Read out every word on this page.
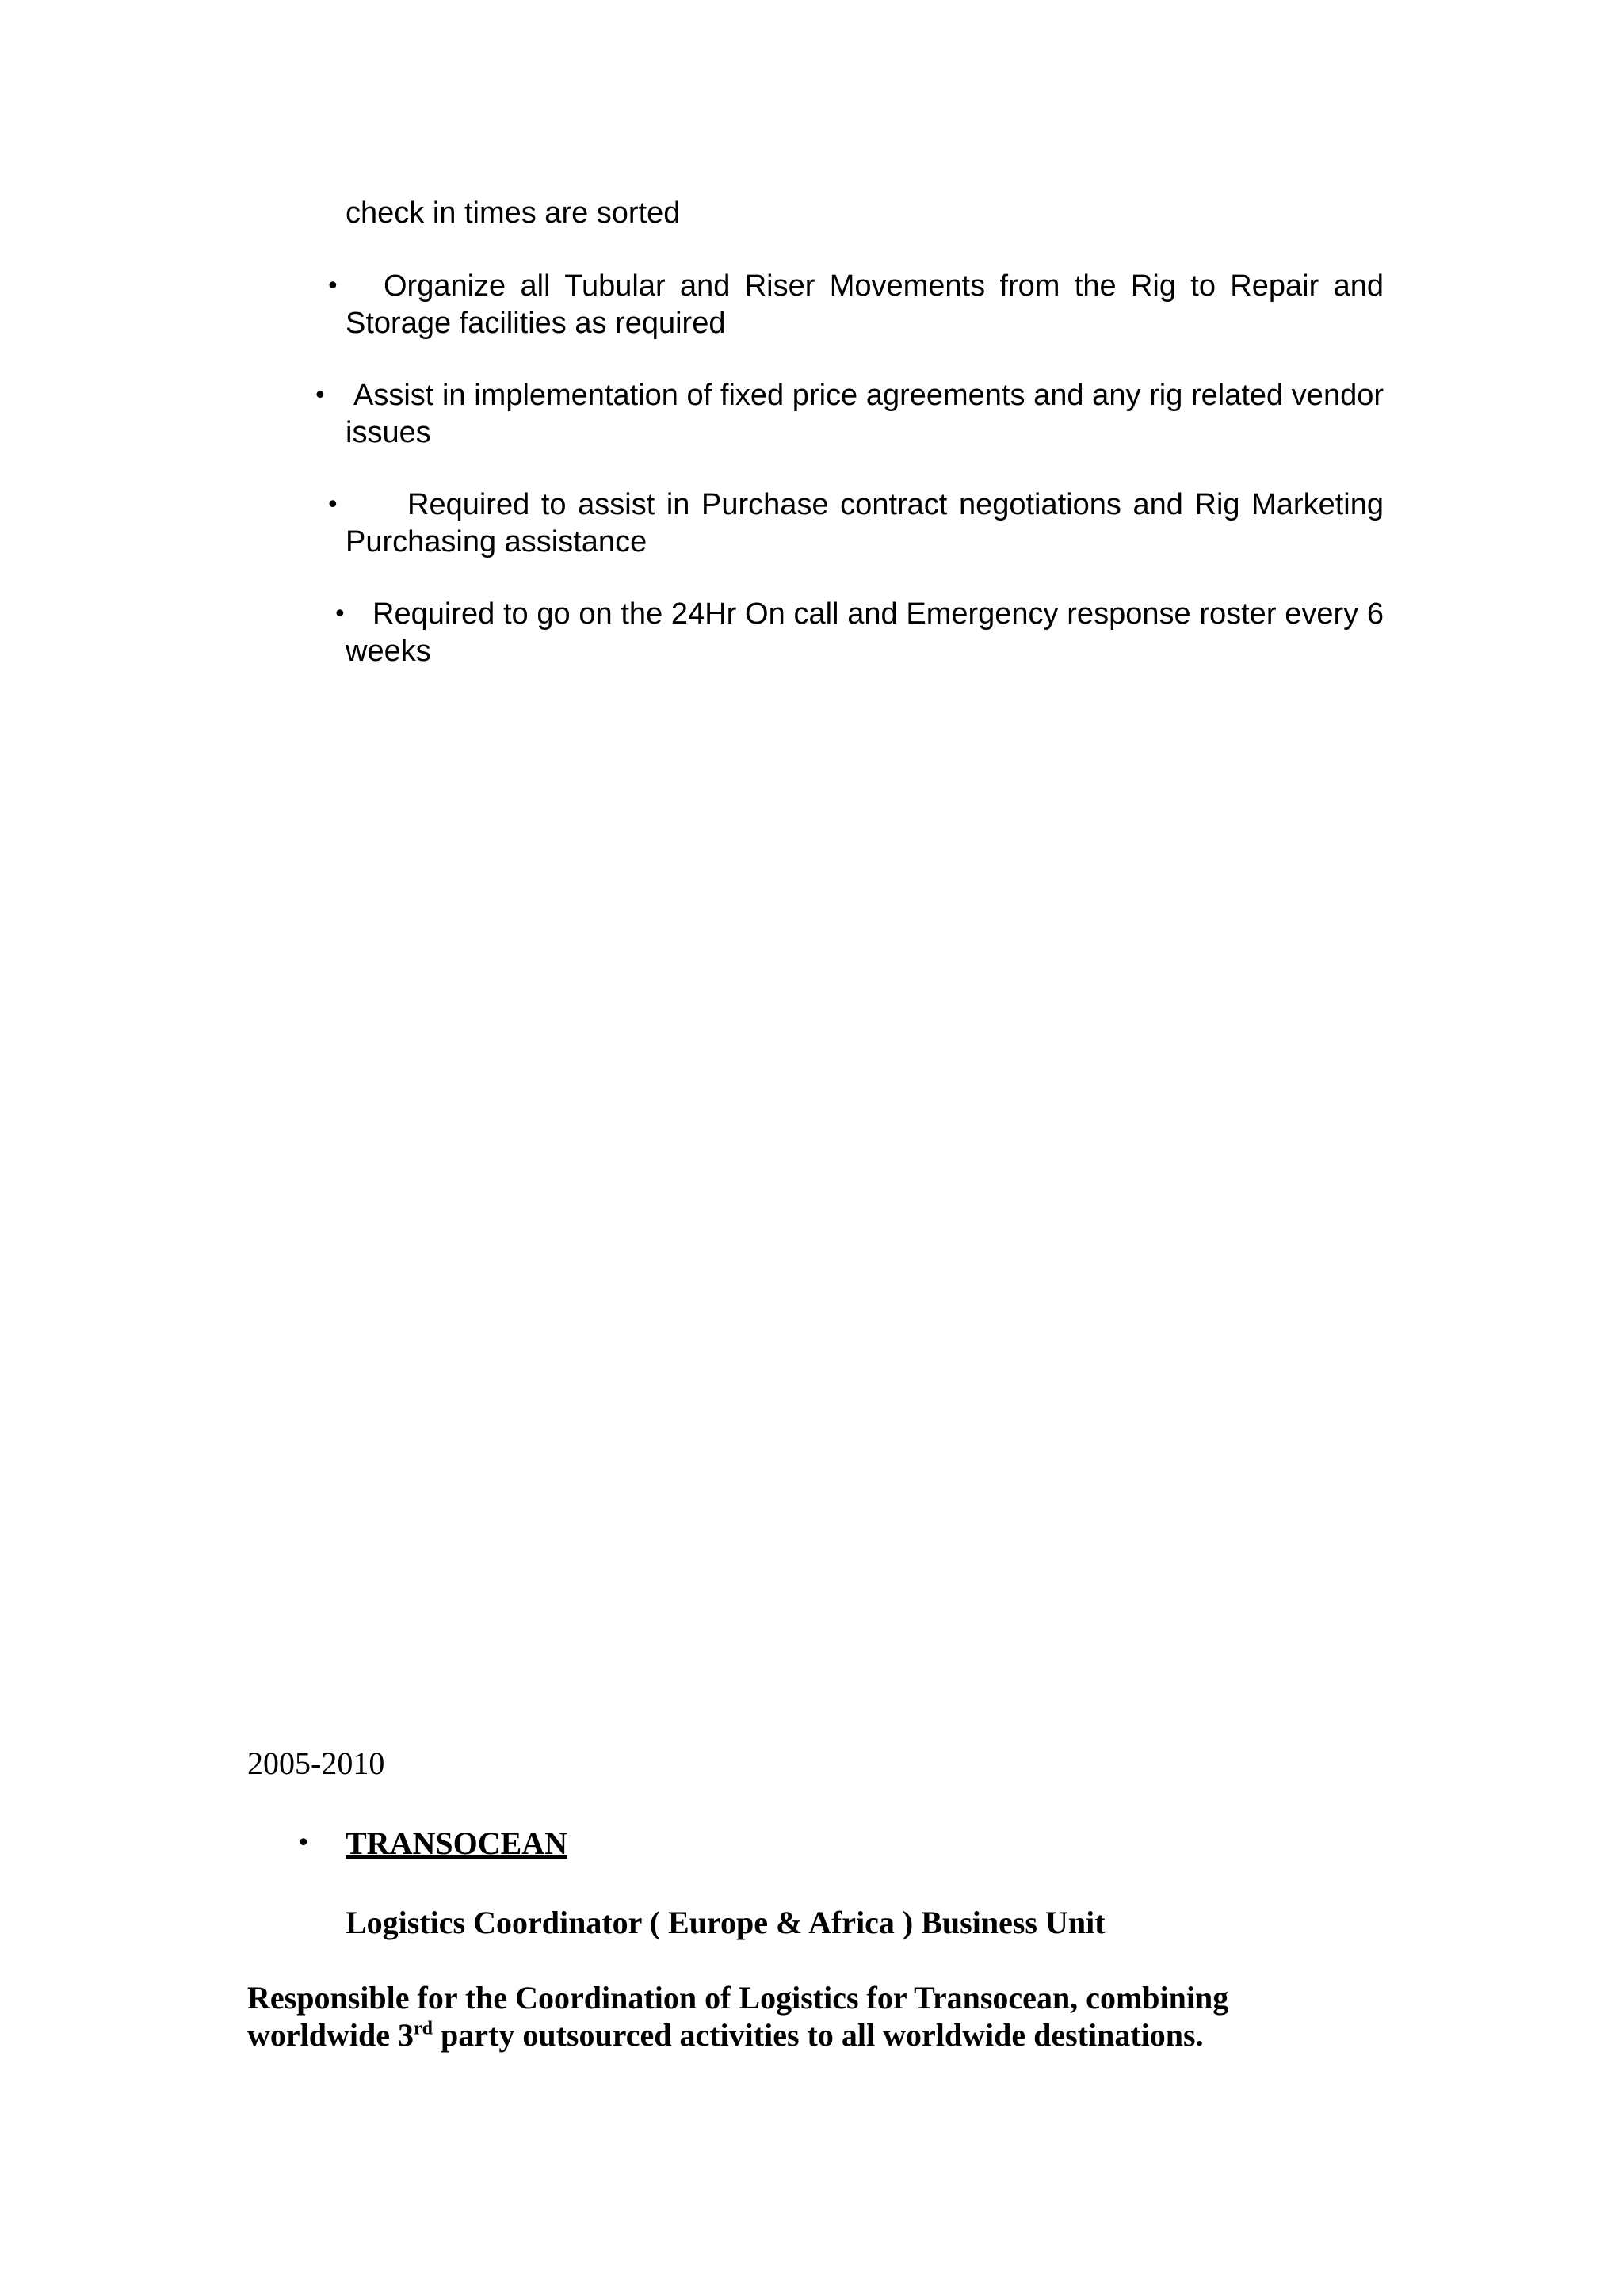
check in times are sorted
•	Organize all Tubular and Riser Movements from the Rig to Repair and Storage facilities as required
• Assist in implementation of fixed price agreements and any rig related vendor issues
•	Required to assist in Purchase contract negotiations and Rig Marketing Purchasing assistance
• Required to go on the 24Hr On call and Emergency response roster every 6 weeks
2005-2010
• TRANSOCEAN
Logistics Coordinator ( Europe & Africa ) Business Unit
Responsible for the Coordination of Logistics for Transocean, combining worldwide 3rd party outsourced activities to all worldwide destinations.
